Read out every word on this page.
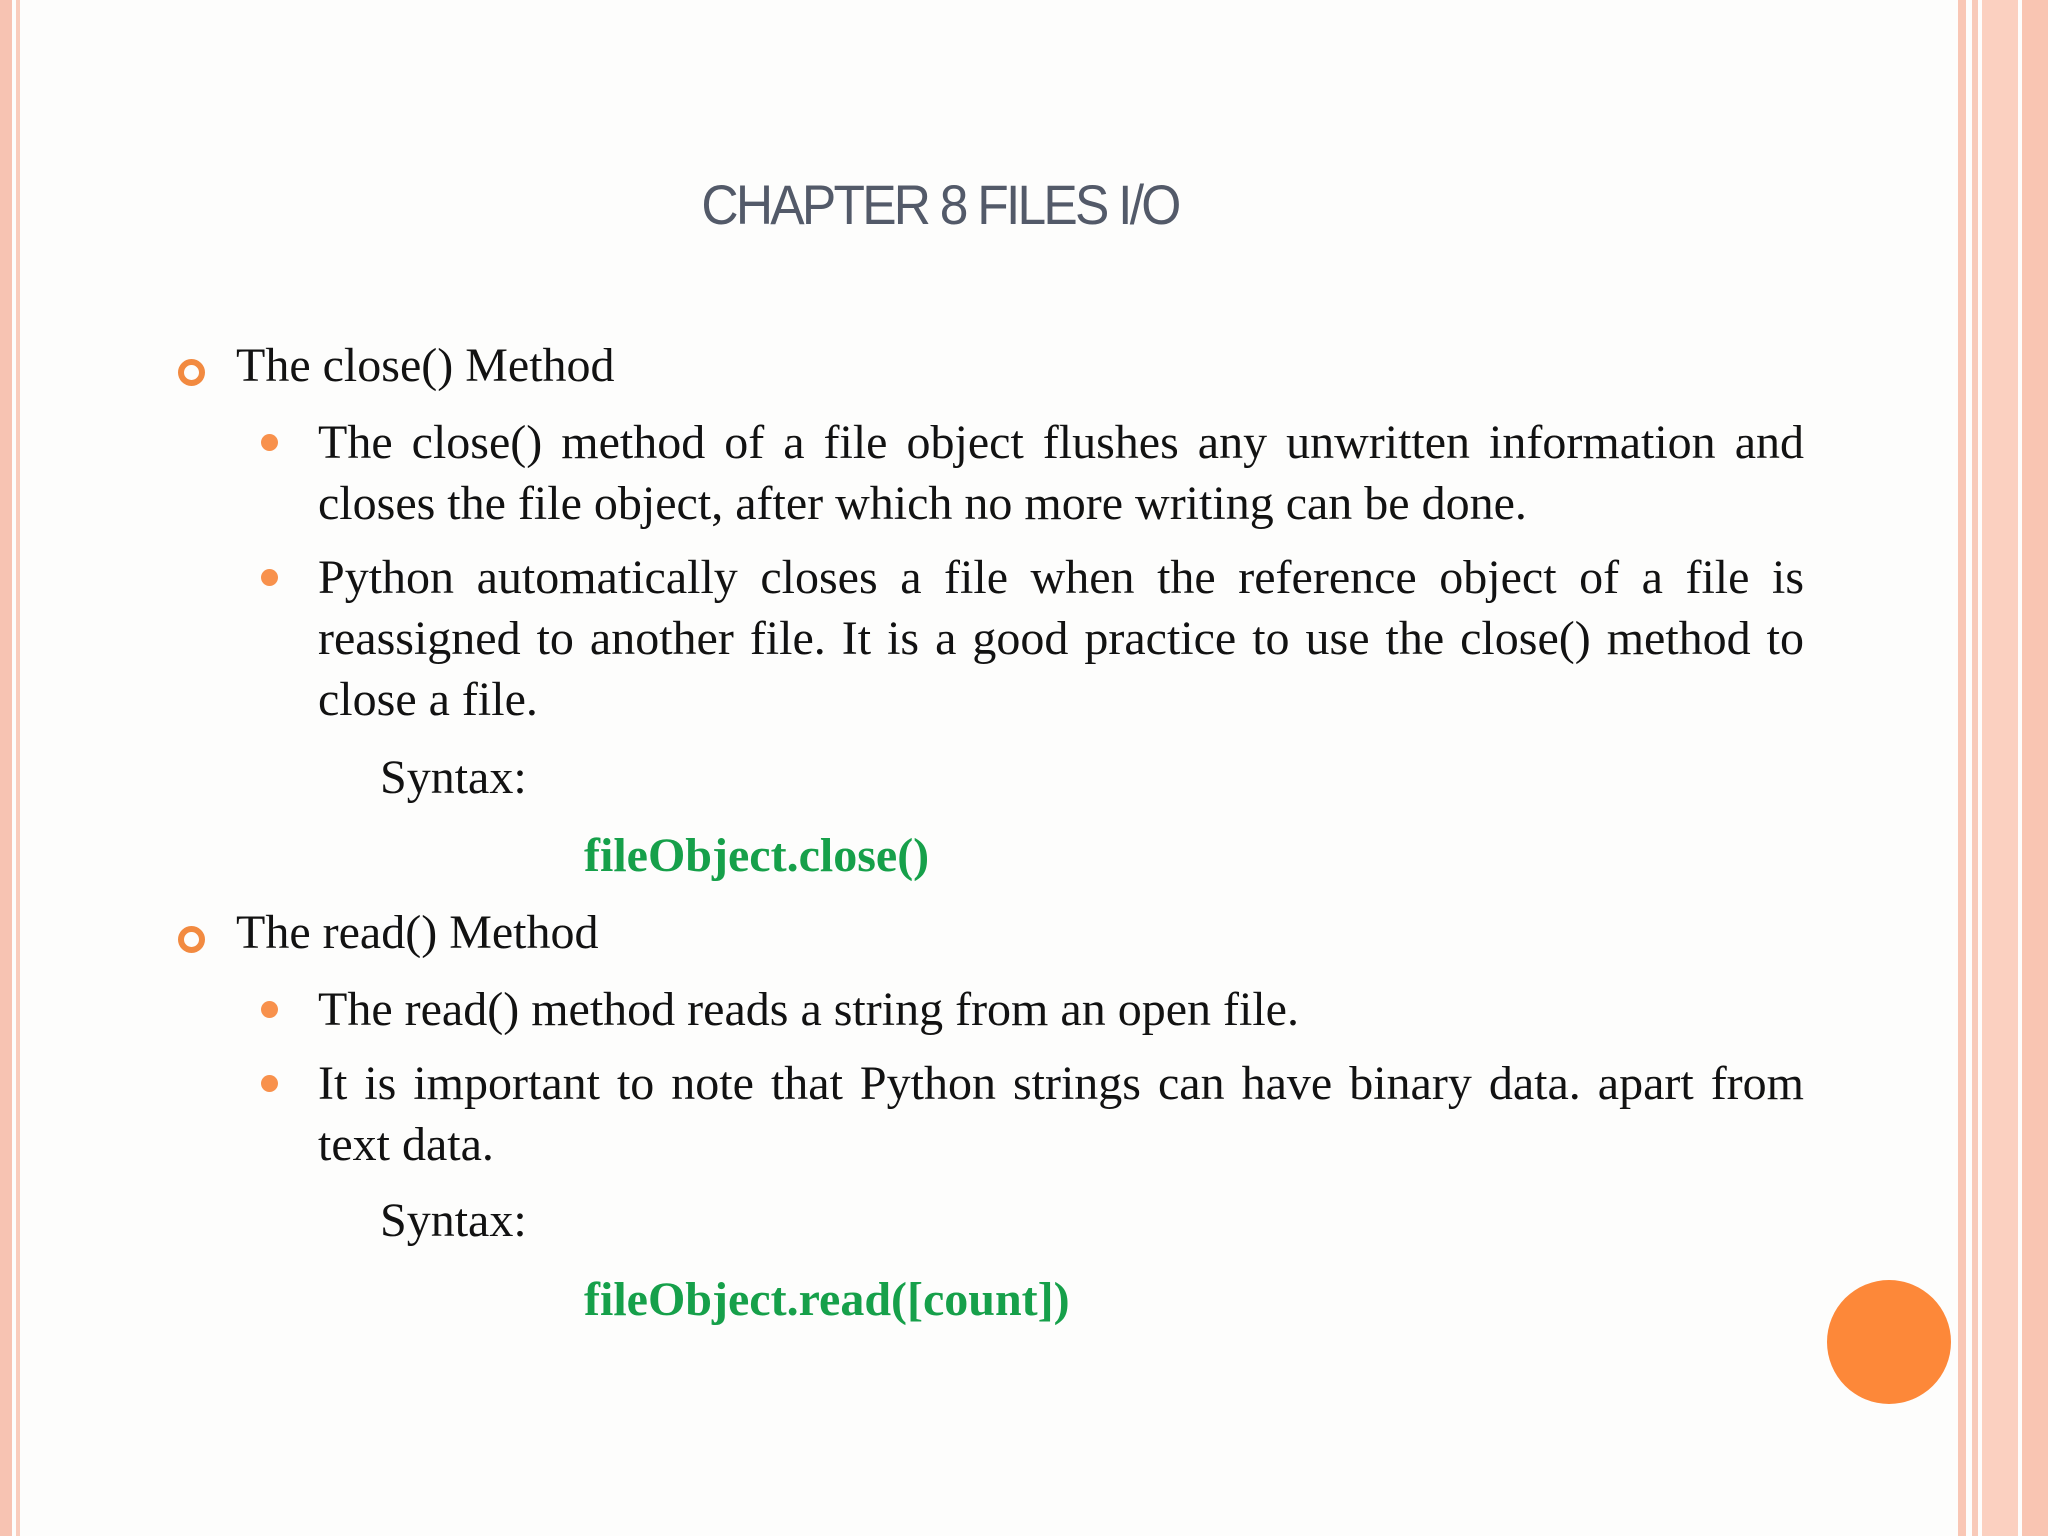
CHAPTER 8 FILES I/O
The close() Method
The close() method of a file object flushes any unwritten information and closes the file object, after which no more writing can be done.
Python automatically closes a file when the reference object of a file is reassigned to another file. It is a good practice to use the close() method to close a file.
Syntax:
fileObject.close()
The read() Method
The read() method reads a string from an open file.
It is important to note that Python strings can have binary data. apart from text data.
Syntax:
fileObject.read([count])
